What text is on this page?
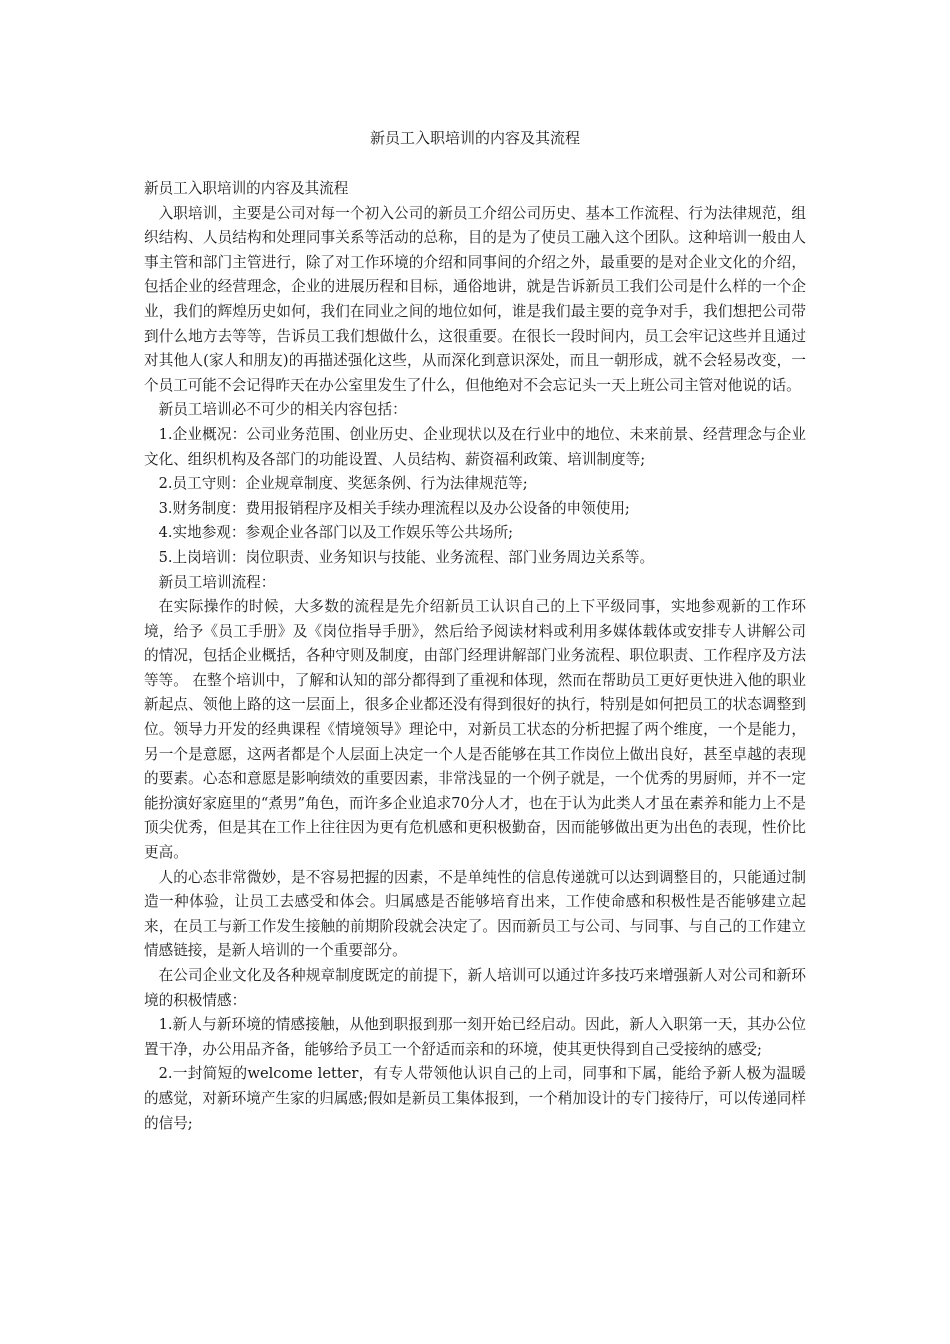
新员工入职培训的内容及其流程

新员工入职培训的内容及其流程

入职培训，主要是公司对每一个初入公司的新员工介绍公司历史、基本工作流程、行为法律规范，组织结构、人员结构和处理同事关系等活动的总称，目的是为了使员工融入这个团队。这种培训一般由人事主管和部门主管进行，除了对工作环境的介绍和同事间的介绍之外，最重要的是对企业文化的介绍，包括企业的经营理念，企业的进展历程和目标，通俗地讲，就是告诉新员工我们公司是什么样的一个企业，我们的辉煌历史如何，我们在同业之间的地位如何，谁是我们最主要的竞争对手，我们想把公司带到什么地方去等等，告诉员工我们想做什么，这很重要。在很长一段时间内，员工会牢记这些并且通过对其他人(家人和朋友)的再描述强化这些，从而深化到意识深处，而且一朝形成，就不会轻易改变，一个员工可能不会记得昨天在办公室里发生了什么，但他绝对不会忘记头一天上班公司主管对他说的话。

新员工培训必不可少的相关内容包括：

1.企业概况：公司业务范围、创业历史、企业现状以及在行业中的地位、未来前景、经营理念与企业文化、组织机构及各部门的功能设置、人员结构、薪资福利政策、培训制度等;

2.员工守则：企业规章制度、奖惩条例、行为法律规范等;

3.财务制度：费用报销程序及相关手续办理流程以及办公设备的申领使用;

4.实地参观：参观企业各部门以及工作娱乐等公共场所;

5.上岗培训：岗位职责、业务知识与技能、业务流程、部门业务周边关系等。

新员工培训流程：

在实际操作的时候，大多数的流程是先介绍新员工认识自己的上下平级同事，实地参观新的工作环境，给予《员工手册》及《岗位指导手册》，然后给予阅读材料或利用多媒体载体或安排专人讲解公司的情况，包括企业概括，各种守则及制度，由部门经理讲解部门业务流程、职位职责、工作程序及方法等等。 在整个培训中，了解和认知的部分都得到了重视和体现，然而在帮助员工更好更快进入他的职业新起点、领他上路的这一层面上，很多企业都还没有得到很好的执行，特别是如何把员工的状态调整到位。领导力开发的经典课程《情境领导》理论中，对新员工状态的分析把握了两个维度，一个是能力，另一个是意愿，这两者都是个人层面上决定一个人是否能够在其工作岗位上做出良好，甚至卓越的表现的要素。心态和意愿是影响绩效的重要因素，非常浅显的一个例子就是，一个优秀的男厨师，并不一定能扮演好家庭里的“煮男”角色，而许多企业追求70分人才，也在于认为此类人才虽在素养和能力上不是顶尖优秀，但是其在工作上往往因为更有危机感和更积极勤奋，因而能够做出更为出色的表现，性价比更高。

人的心态非常微妙，是不容易把握的因素，不是单纯性的信息传递就可以达到调整目的，只能通过制造一种体验，让员工去感受和体会。归属感是否能够培育出来，工作使命感和积极性是否能够建立起来，在员工与新工作发生接触的前期阶段就会决定了。因而新员工与公司、与同事、与自己的工作建立情感链接，是新人培训的一个重要部分。

在公司企业文化及各种规章制度既定的前提下，新人培训可以通过许多技巧来增强新人对公司和新环境的积极情感：

1.新人与新环境的情感接触，从他到职报到那一刻开始已经启动。因此，新人入职第一天，其办公位置干净，办公用品齐备，能够给予员工一个舒适而亲和的环境，使其更快得到自己受接纳的感受;

2.一封简短的welcome letter，有专人带领他认识自己的上司，同事和下属，能给予新人极为温暖的感觉，对新环境产生家的归属感;假如是新员工集体报到，一个稍加设计的专门接待厅，可以传递同样的信号;
